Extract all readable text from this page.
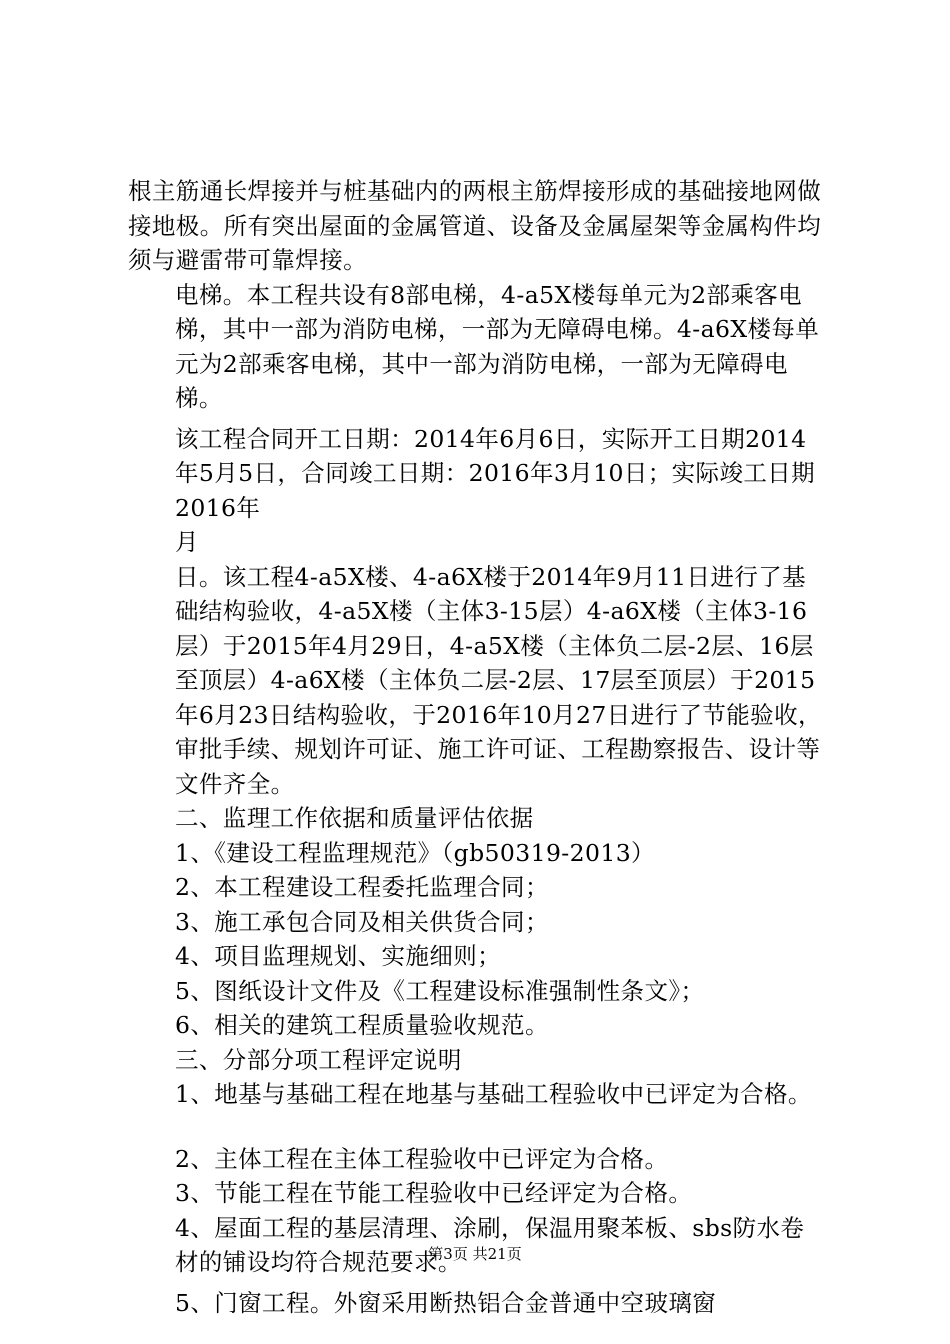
根主筋通长焊接并与桩基础内的两根主筋焊接形成的基础接地网做接地极。所有突出屋面的金属管道、设备及金属屋架等金属构件均须与避雷带可靠焊接。

电梯。本工程共设有8部电梯，4-a5X楼每单元为2部乘客电梯，其中一部为消防电梯，一部为无障碍电梯。4-a6X楼每单元为2部乘客电梯，其中一部为消防电梯，一部为无障碍电梯。

该工程合同开工日期：2014年6月6日，实际开工日期2014年5月5日，合同竣工日期：2016年3月10日；实际竣工日期2016年

月

日。该工程4-a5X楼、4-a6X楼于2014年9月11日进行了基础结构验收，4-a5X楼（主体3-15层）4-a6X楼（主体3-16层）于2015年4月29日，4-a5X楼（主体负二层-2层、16层至顶层）4-a6X楼（主体负二层-2层、17层至顶层）于2015年6月23日结构验收，于2016年10月27日进行了节能验收，审批手续、规划许可证、施工许可证、工程勘察报告、设计等文件齐全。

二、监理工作依据和质量评估依据

1、《建设工程监理规范》（gb50319-2013）

2、本工程建设工程委托监理合同；

3、施工承包合同及相关供货合同；

4、项目监理规划、实施细则；

5、图纸设计文件及《工程建设标准强制性条文》；

6、相关的建筑工程质量验收规范。

三、分部分项工程评定说明

1、地基与基础工程在地基与基础工程验收中已评定为合格。

2、主体工程在主体工程验收中已评定为合格。

3、节能工程在节能工程验收中已经评定为合格。

4、屋面工程的基层清理、涂刷，保温用聚苯板、sbs防水卷材的铺设均符合规范要求。

5、门窗工程。外窗采用断热铝合金普通中空玻璃窗

第3页 共21页
